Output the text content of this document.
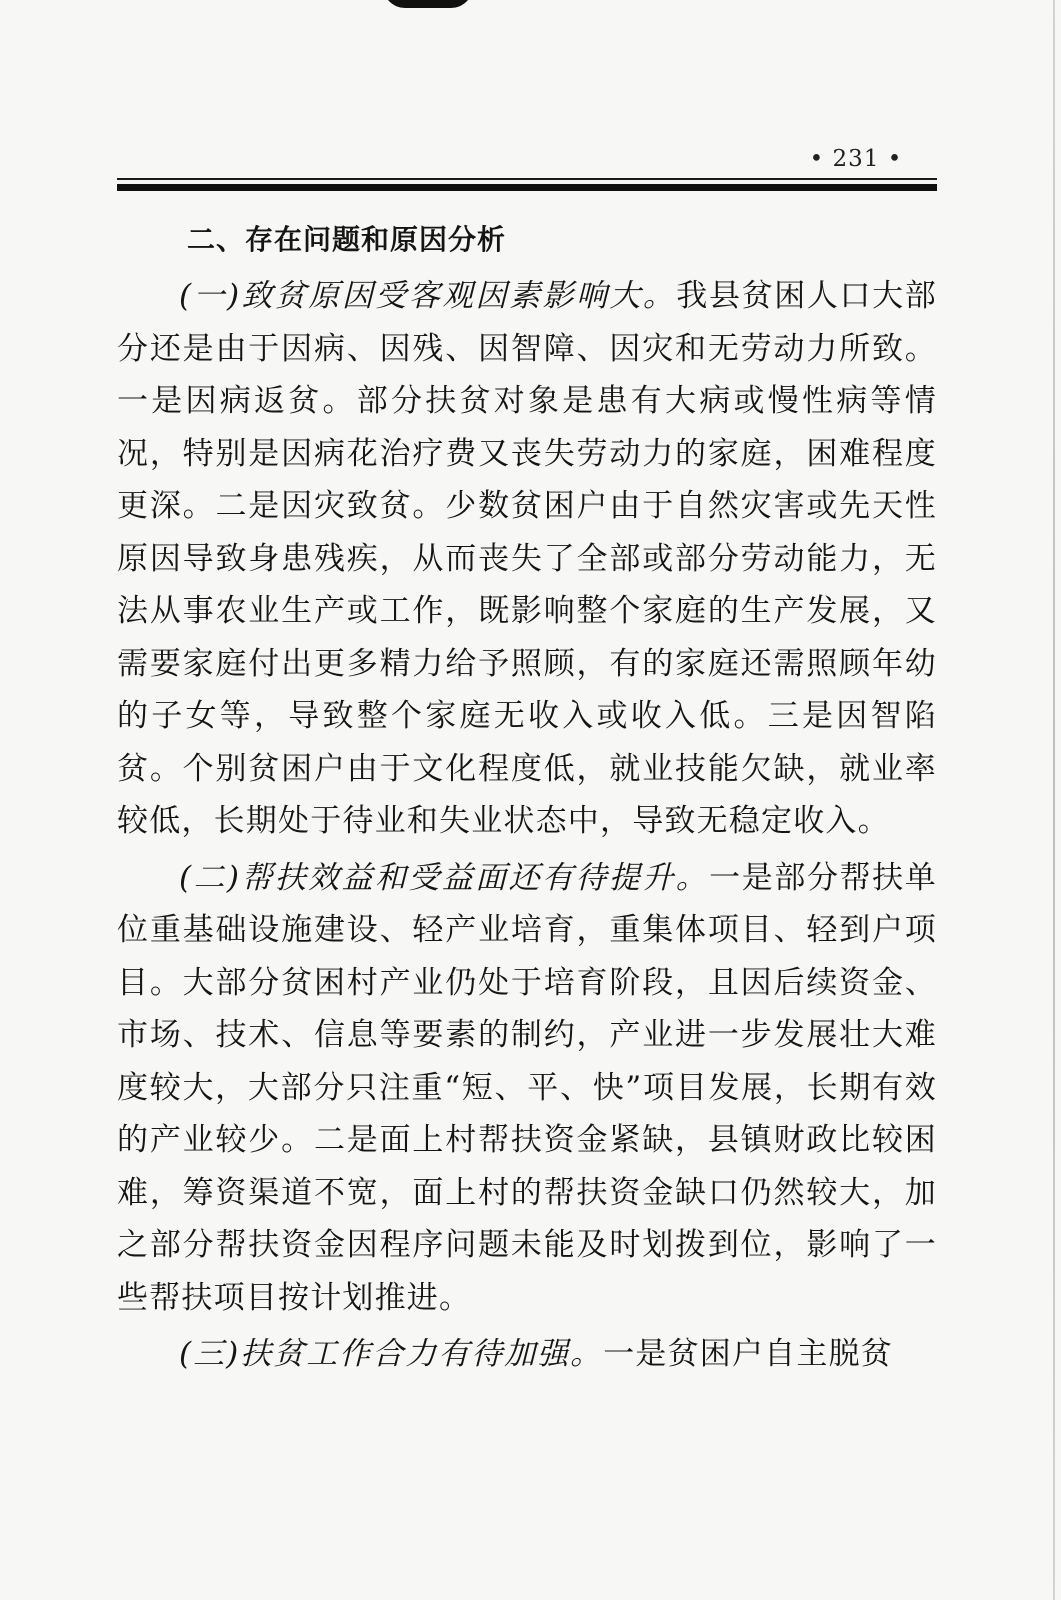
• 231 •
二、存在问题和原因分析

(一)致贫原因受客观因素影响大。我县贫困人口大部分还是由于因病、因残、因智障、因灾和无劳动力所致。一是因病返贫。部分扶贫对象是患有大病或慢性病等情况，特别是因病花治疗费又丧失劳动力的家庭，困难程度更深。二是因灾致贫。少数贫困户由于自然灾害或先天性原因导致身患残疾，从而丧失了全部或部分劳动能力，无法从事农业生产或工作，既影响整个家庭的生产发展，又需要家庭付出更多精力给予照顾，有的家庭还需照顾年幼的子女等，导致整个家庭无收入或收入低。三是因智陷贫。个别贫困户由于文化程度低，就业技能欠缺，就业率较低，长期处于待业和失业状态中，导致无稳定收入。

(二)帮扶效益和受益面还有待提升。一是部分帮扶单位重基础设施建设、轻产业培育，重集体项目、轻到户项目。大部分贫困村产业仍处于培育阶段，且因后续资金、市场、技术、信息等要素的制约，产业进一步发展壮大难度较大，大部分只注重“短、平、快”项目发展，长期有效的产业较少。二是面上村帮扶资金紧缺，县镇财政比较困难，筹资渠道不宽，面上村的帮扶资金缺口仍然较大，加之部分帮扶资金因程序问题未能及时划拨到位，影响了一些帮扶项目按计划推进。

(三)扶贫工作合力有待加强。一是贫困户自主脱贫
